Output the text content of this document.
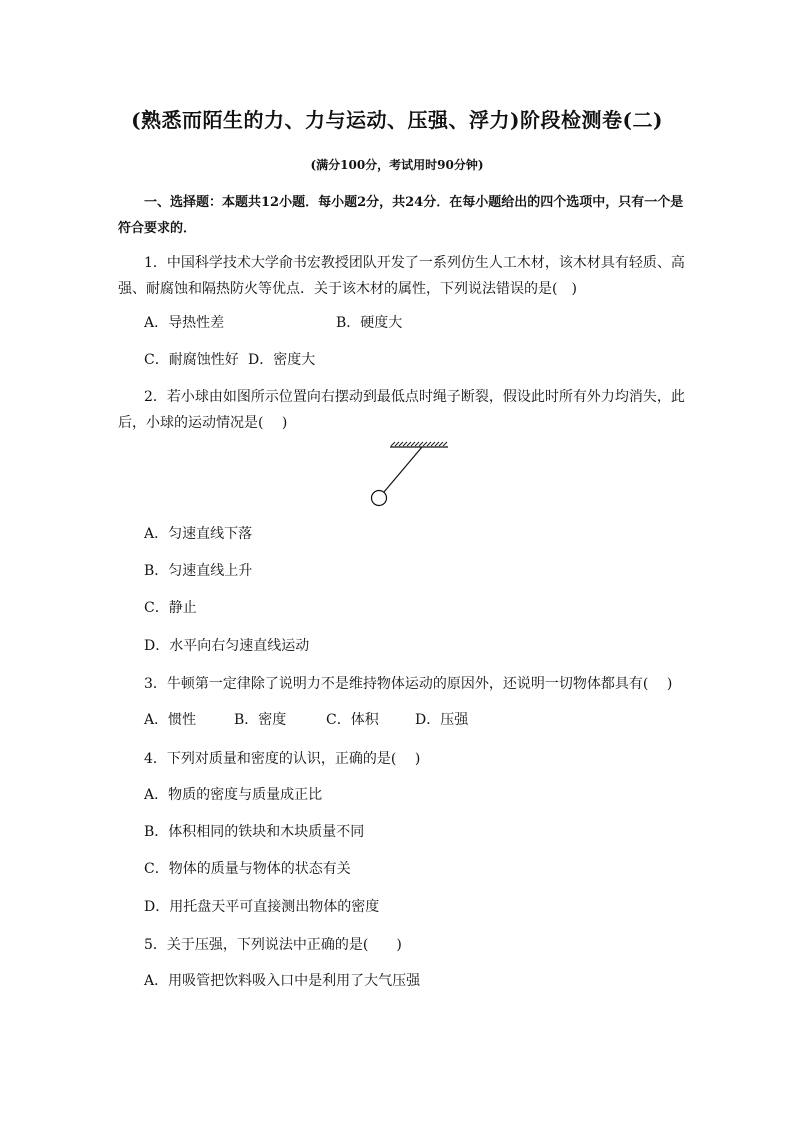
(熟悉而陌生的力、力与运动、压强、浮力)阶段检测卷(二)
(满分100分，考试用时90分钟)
一、选择题：本题共12小题．每小题2分，共24分．在每小题给出的四个选项中，只有一个是符合要求的．
1．中国科学技术大学俞书宏教授团队开发了一系列仿生人工木材，该木材具有轻质、高强、耐腐蚀和隔热防火等优点．关于该木材的属性，下列说法错误的是(　)
A．导热性差	B．硬度大
C．耐腐蚀性好 D．密度大
2．若小球由如图所示位置向右摆动到最低点时绳子断裂，假设此时所有外力均消失，此后，小球的运动情况是(　 )
A．匀速直线下落
B．匀速直线上升
C．静止
D．水平向右匀速直线运动
3．牛顿第一定律除了说明力不是维持物体运动的原因外，还说明一切物体都具有(　 )
A．惯性	B．密度	C．体积	D．压强
4．下列对质量和密度的认识，正确的是(　 )
A．物质的密度与质量成正比
B．体积相同的铁块和木块质量不同
C．物体的质量与物体的状态有关
D．用托盘天平可直接测出物体的密度
5．关于压强，下列说法中正确的是(　　)
A．用吸管把饮料吸入口中是利用了大气压强
